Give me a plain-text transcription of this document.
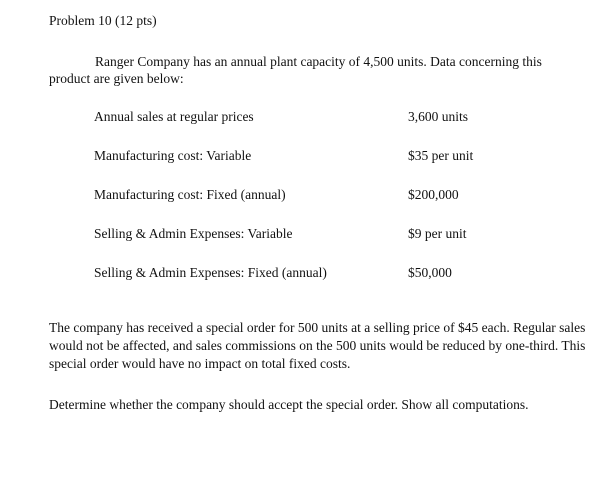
Problem 10 (12 pts)

Ranger Company has an annual plant capacity of 4,500 units. Data concerning this product are given below:

Annual sales at regular prices	3,600 units
Manufacturing cost: Variable	$35 per unit
Manufacturing cost: Fixed (annual)	$200,000
Selling & Admin Expenses: Variable	$9 per unit
Selling & Admin Expenses: Fixed (annual)	$50,000

The company has received a special order for 500 units at a selling price of $45 each. Regular sales would not be affected, and sales commissions on the 500 units would be reduced by one-third. This special order would have no impact on total fixed costs.

Determine whether the company should accept the special order. Show all computations.
